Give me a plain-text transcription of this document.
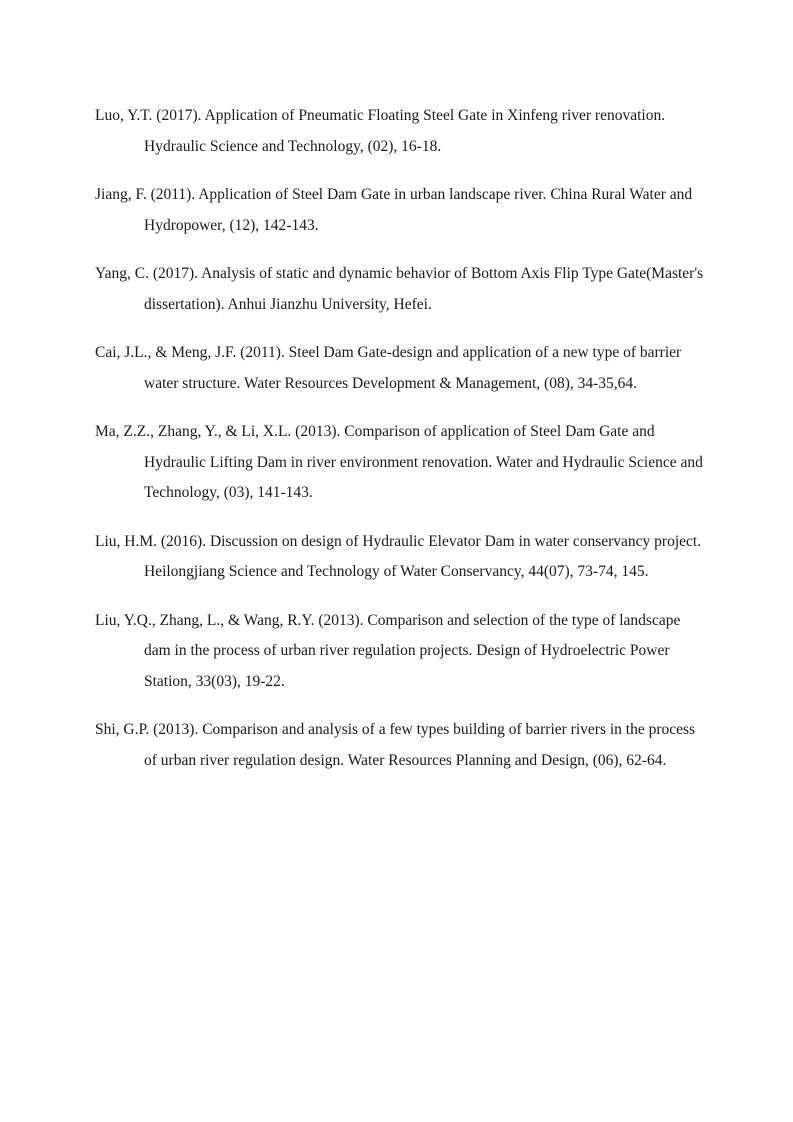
Luo, Y.T. (2017). Application of Pneumatic Floating Steel Gate in Xinfeng river renovation. Hydraulic Science and Technology, (02), 16-18.
Jiang, F. (2011). Application of Steel Dam Gate in urban landscape river. China Rural Water and Hydropower, (12), 142-143.
Yang, C. (2017). Analysis of static and dynamic behavior of Bottom Axis Flip Type Gate(Master's dissertation). Anhui Jianzhu University, Hefei.
Cai, J.L., & Meng, J.F. (2011). Steel Dam Gate-design and application of a new type of barrier water structure. Water Resources Development & Management, (08), 34-35,64.
Ma, Z.Z., Zhang, Y., & Li, X.L. (2013). Comparison of application of Steel Dam Gate and Hydraulic Lifting Dam in river environment renovation. Water and Hydraulic Science and Technology, (03), 141-143.
Liu, H.M. (2016). Discussion on design of Hydraulic Elevator Dam in water conservancy project. Heilongjiang Science and Technology of Water Conservancy, 44(07), 73-74, 145.
Liu, Y.Q., Zhang, L., & Wang, R.Y. (2013). Comparison and selection of the type of landscape dam in the process of urban river regulation projects. Design of Hydroelectric Power Station, 33(03), 19-22.
Shi, G.P. (2013). Comparison and analysis of a few types building of barrier rivers in the process of urban river regulation design. Water Resources Planning and Design, (06), 62-64.
